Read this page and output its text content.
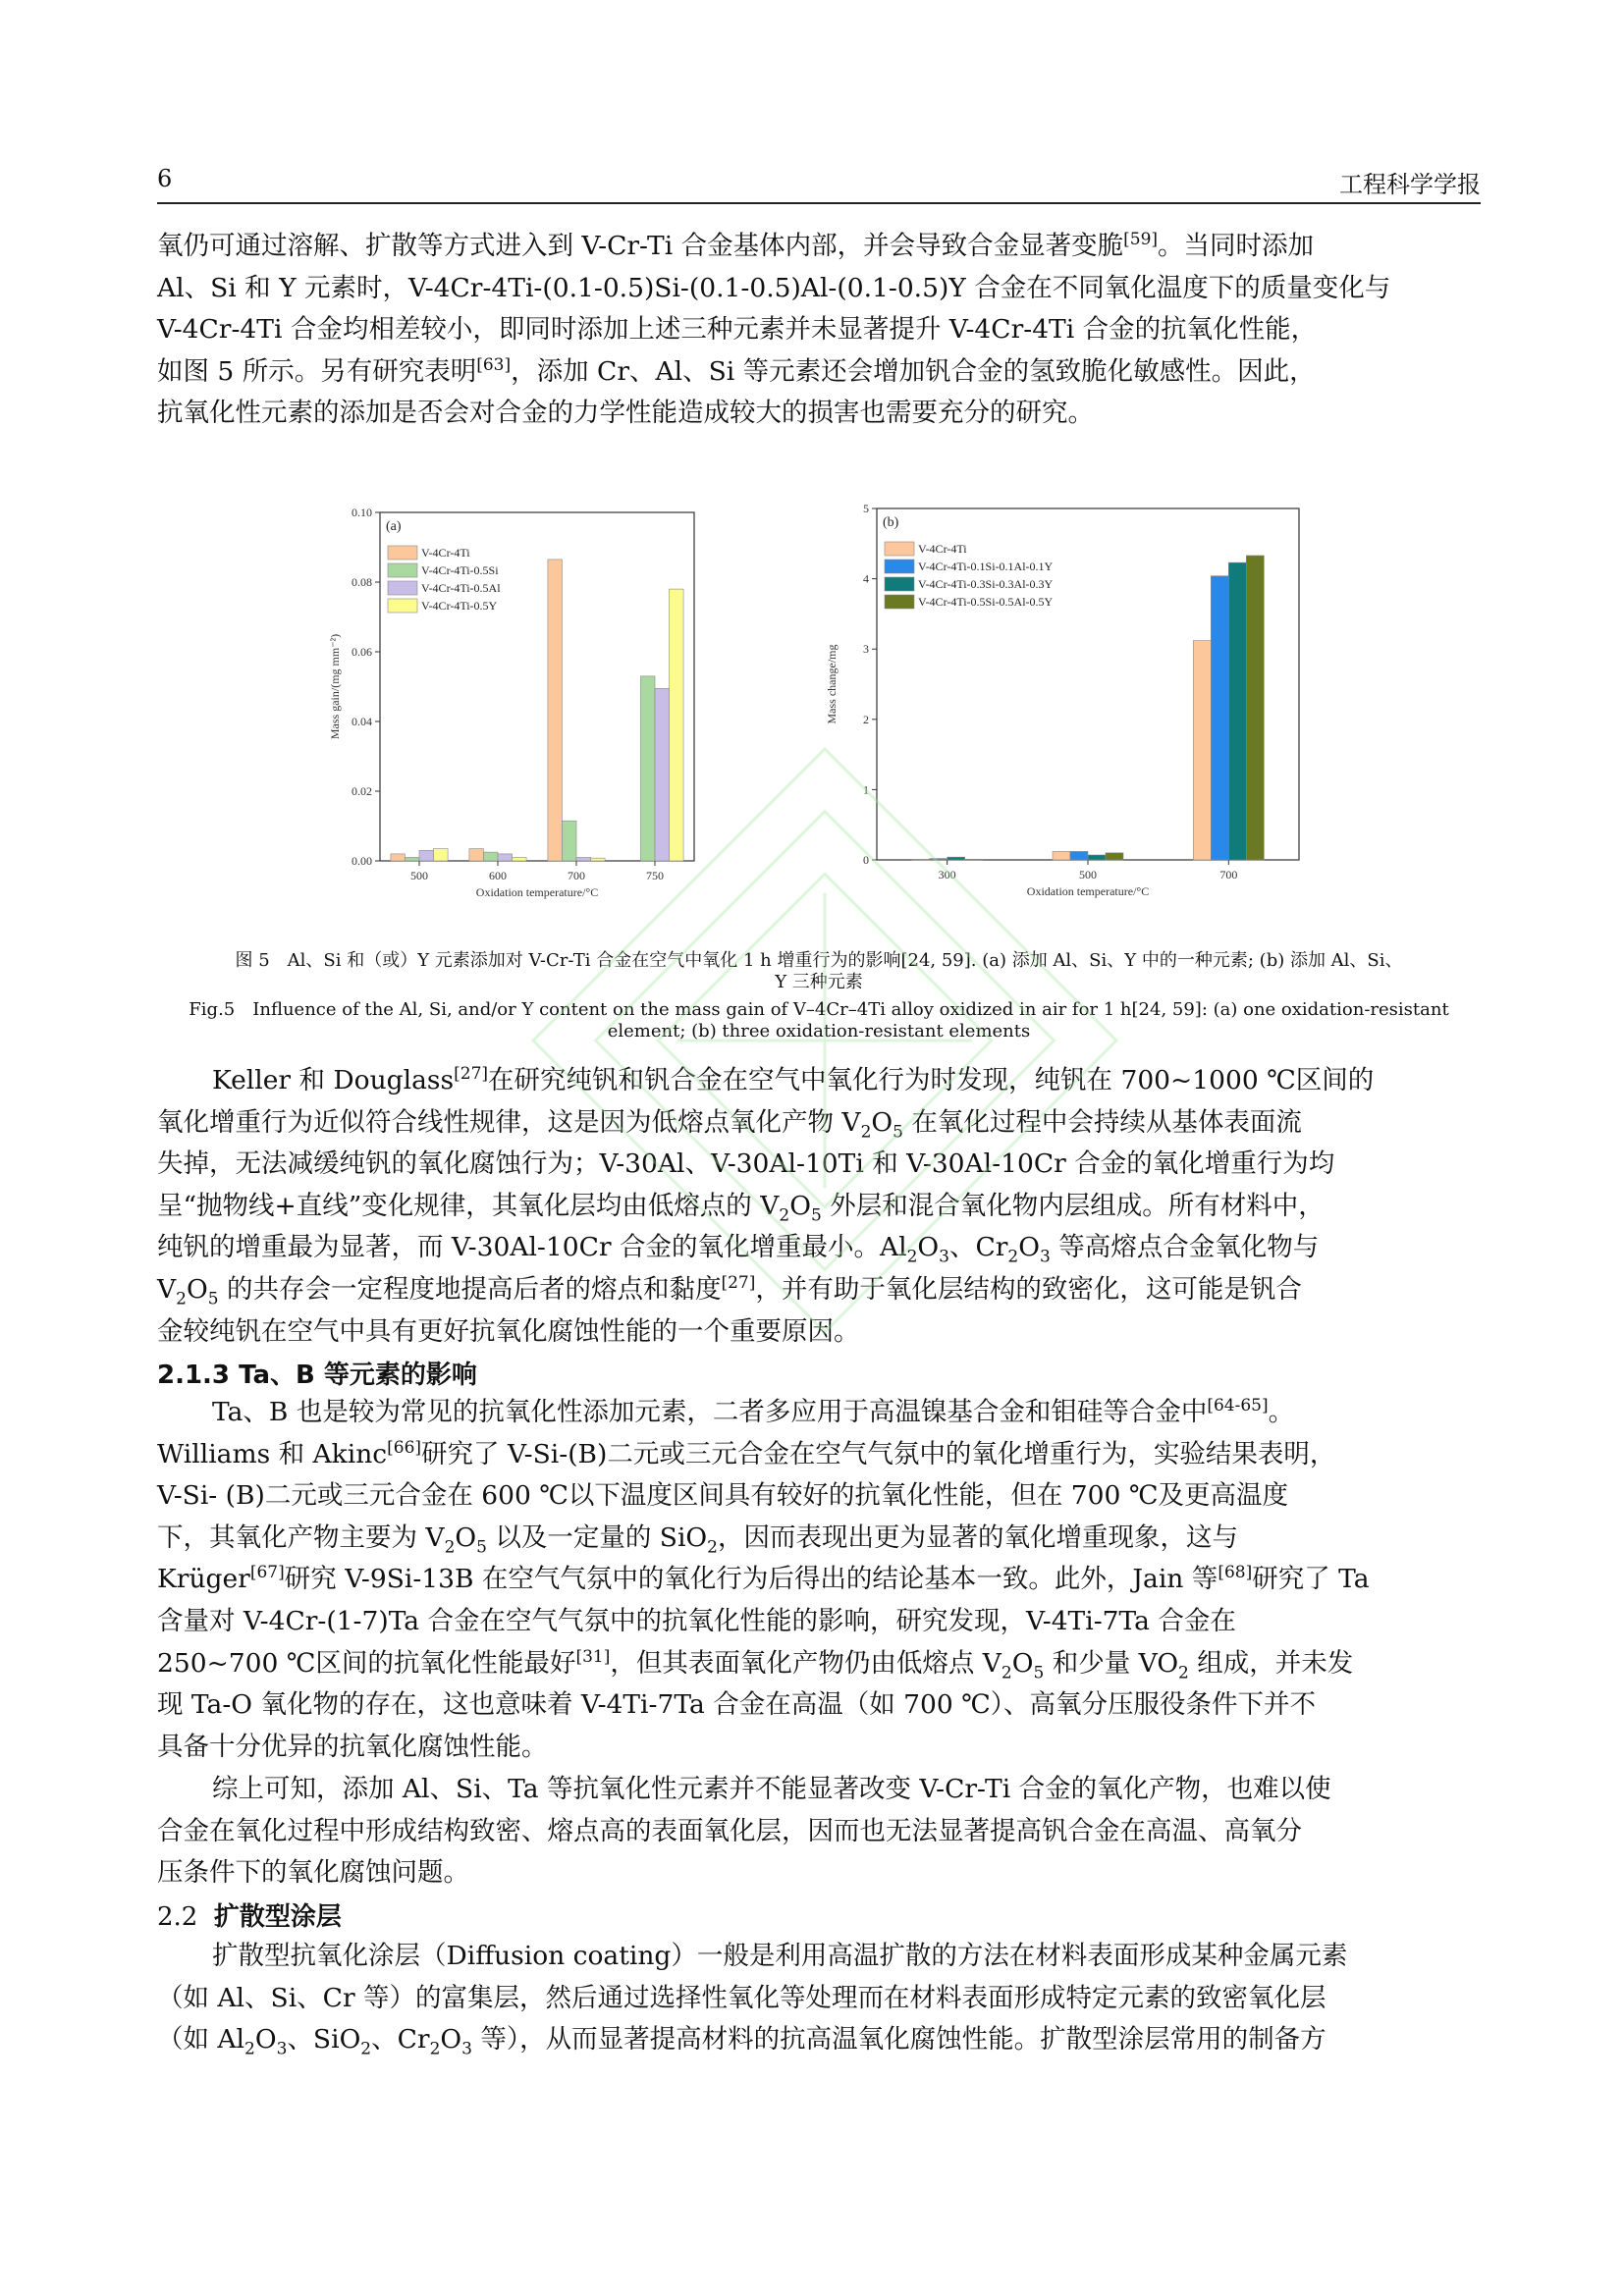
6	工程科学学报
氧仍可通过溶解、扩散等方式进入到 V-Cr-Ti 合金基体内部，并会导致合金显著变脆[59]。当同时添加
Al、Si 和 Y 元素时，V-4Cr-4Ti-(0.1-0.5)Si-(0.1-0.5)Al-(0.1-0.5)Y 合金在不同氧化温度下的质量变化与
V-4Cr-4Ti 合金均相差较小，即同时添加上述三种元素并未显著提升 V-4Cr-4Ti 合金的抗氧化性能，
如图 5 所示。另有研究表明[63]，添加 Cr、Al、Si 等元素还会增加钒合金的氢致脆化敏感性。因此，
抗氧化性元素的添加是否会对合金的力学性能造成较大的损害也需要充分的研究。
0.00
0.02
0.04
0.06
0.08
0.10
500	600	700	750
Oxidation temperature/°C
Mass gain/(mg mm⁻²)
(a)
V-4Cr-4Ti
V-4Cr-4Ti-0.5Si
V-4Cr-4Ti-0.5Al
V-4Cr-4Ti-0.5Y
0
1
2
3
4
5
300	500	700
Oxidation temperature/°C
Mass change/mg
(b)
V-4Cr-4Ti
V-4Cr-4Ti-0.1Si-0.1Al-0.1Y
V-4Cr-4Ti-0.3Si-0.3Al-0.3Y
V-4Cr-4Ti-0.5Si-0.5Al-0.5Y
图 5　Al、Si 和（或）Y 元素添加对 V-Cr-Ti 合金在空气中氧化 1 h 增重行为的影响[24, 59]. (a) 添加 Al、Si、Y 中的一种元素; (b) 添加 Al、Si、
Y 三种元素
Fig.5　Influence of the Al, Si, and/or Y content on the mass gain of V–4Cr–4Ti alloy oxidized in air for 1 h[24, 59]: (a) one oxidation-resistant
element; (b) three oxidation-resistant elements
Keller 和 Douglass[27]在研究纯钒和钒合金在空气中氧化行为时发现，纯钒在 700~1000 ℃区间的
氧化增重行为近似符合线性规律，这是因为低熔点氧化产物 $V_2O_5$ 在氧化过程中会持续从基体表面流
失掉，无法减缓纯钒的氧化腐蚀行为；V-30Al、V-30Al-10Ti 和 V-30Al-10Cr 合金的氧化增重行为均
呈“抛物线+直线”变化规律，其氧化层均由低熔点的 $V_2O_5$ 外层和混合氧化物内层组成。所有材料中，
纯钒的增重最为显著，而 V-30Al-10Cr 合金的氧化增重最小。$Al_2O_3$、$Cr_2O_3$ 等高熔点合金氧化物与
$V_2O_5$ 的共存会一定程度地提高后者的熔点和黏度[27]，并有助于氧化层结构的致密化，这可能是钒合
金较纯钒在空气中具有更好抗氧化腐蚀性能的一个重要原因。
2.1.3 Ta、B 等元素的影响
Ta、B 也是较为常见的抗氧化性添加元素，二者多应用于高温镍基合金和钼硅等合金中[64-65]。
Williams 和 Akinc[66]研究了 V-Si-(B)二元或三元合金在空气气氛中的氧化增重行为，实验结果表明，
V-Si- (B)二元或三元合金在 600 ℃以下温度区间具有较好的抗氧化性能，但在 700 ℃及更高温度
下，其氧化产物主要为 $V_2O_5$ 以及一定量的 SiO$_2$，因而表现出更为显著的氧化增重现象，这与
Krüger[67]研究 V-9Si-13B 在空气气氛中的氧化行为后得出的结论基本一致。此外，Jain 等[68]研究了 Ta
含量对 V-4Cr-(1-7)Ta 合金在空气气氛中的抗氧化性能的影响，研究发现，V-4Ti-7Ta 合金在
250~700 ℃区间的抗氧化性能最好[31]，但其表面氧化产物仍由低熔点 $V_2O_5$ 和少量 $VO_2$ 组成，并未发
现 Ta-O 氧化物的存在，这也意味着 V-4Ti-7Ta 合金在高温（如 700 ℃）、高氧分压服役条件下并不
具备十分优异的抗氧化腐蚀性能。
综上可知，添加 Al、Si、Ta 等抗氧化性元素并不能显著改变 V-Cr-Ti 合金的氧化产物，也难以使
合金在氧化过程中形成结构致密、熔点高的表面氧化层，因而也无法显著提高钒合金在高温、高氧分
压条件下的氧化腐蚀问题。
2.2 扩散型涂层
扩散型抗氧化涂层（Diffusion coating）一般是利用高温扩散的方法在材料表面形成某种金属元素
（如 Al、Si、Cr 等）的富集层，然后通过选择性氧化等处理而在材料表面形成特定元素的致密氧化层
（如 $Al_2O_3$、SiO$_2$、$Cr_2O_3$ 等），从而显著提高材料的抗高温氧化腐蚀性能。扩散型涂层常用的制备方
